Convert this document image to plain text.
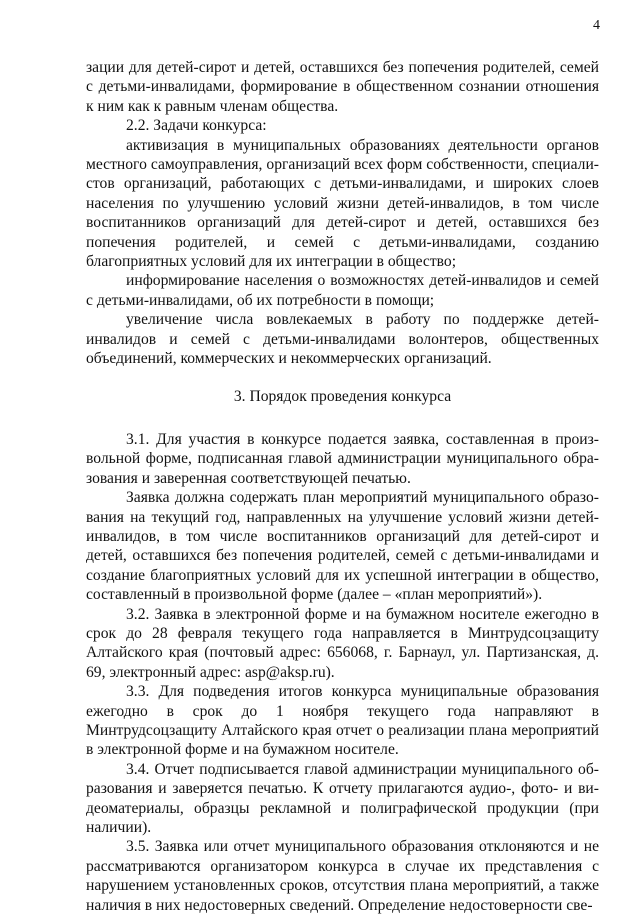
4

зации для детей-сирот и детей, оставшихся без попечения родителей, семей с детьми-инвалидами, формирование в общественном сознании отношения к ним как к равным членам общества.

2.2. Задачи конкурса:

активизация в муниципальных образованиях деятельности органов местного самоуправления, организаций всех форм собственности, специалистов организаций, работающих с детьми-инвалидами, и широких слоев населения по улучшению условий жизни детей-инвалидов, в том числе воспитанников организаций для детей-сирот и детей, оставшихся без попечения родителей, и семей с детьми-инвалидами, созданию благоприятных условий для их интеграции в общество;

информирование населения о возможностях детей-инвалидов и семей с детьми-инвалидами, об их потребности в помощи;

увеличение числа вовлекаемых в работу по поддержке детей-инвалидов и семей с детьми-инвалидами волонтеров, общественных объединений, коммерческих и некоммерческих организаций.

3. Порядок проведения конкурса

3.1. Для участия в конкурсе подается заявка, составленная в произвольной форме, подписанная главой администрации муниципального образования и заверенная соответствующей печатью.

Заявка должна содержать план мероприятий муниципального образования на текущий год, направленных на улучшение условий жизни детей-инвалидов, в том числе воспитанников организаций для детей-сирот и детей, оставшихся без попечения родителей, семей с детьми-инвалидами и создание благоприятных условий для их успешной интеграции в общество, составленный в произвольной форме (далее – «план мероприятий»).

3.2. Заявка в электронной форме и на бумажном носителе ежегодно в срок до 28 февраля текущего года направляется в Минтрудсоцзащиту Алтайского края (почтовый адрес: 656068, г. Барнаул, ул. Партизанская, д. 69, электронный адрес: asp@aksp.ru).

3.3. Для подведения итогов конкурса муниципальные образования ежегодно в срок до 1 ноября текущего года направляют в Минтрудсоцзащиту Алтайского края отчет о реализации плана мероприятий в электронной форме и на бумажном носителе.

3.4. Отчет подписывается главой администрации муниципального образования и заверяется печатью. К отчету прилагаются аудио-, фото- и видеоматериалы, образцы рекламной и полиграфической продукции (при наличии).

3.5. Заявка или отчет муниципального образования отклоняются и не рассматриваются организатором конкурса в случае их представления с нарушением установленных сроков, отсутствия плана мероприятий, а также наличия в них недостоверных сведений. Определение недостоверности све-
